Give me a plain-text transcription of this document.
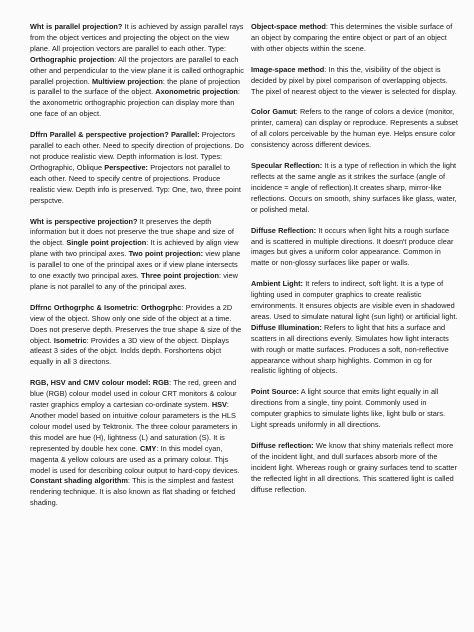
Wht is parallel projection? It is achieved by assign parallel rays from the object vertices and projecting the object on the view plane. All projection vectors are parallel to each other. Type: Orthographic projection: All the projectors are parallel to each other and perpendicular to the view plane it is called orthographic parallel projection. Multiview projection: the plane of projection is parallel to the surface of the object. Axonometric projection: the axonometric orthographic projection can display more than one face of an object.

Dffrn Parallel & perspective projection? Parallel: Projectors parallel to each other. Need to specify direction of projections. Do not produce realistic view. Depth information is lost. Types: Orthographic, Oblique Perspective: Projectors not parallel to each other. Need to specify centre of projections. Produce realistic view. Depth info is preserved. Typ: One, two, three point perspctve.

Wht is perspective projection? It preserves the depth information but it does not preserve the true shape and size of the object. Single point projection: It is achieved by align view plane with two principal axes. Two point projection: view plane is parallel to one of the principal axes or if view plane intersects to one exactly two principal axes. Three point projection: view plane is not parallel to any of the principal axes.

Dffrnc Orthogrphc & Isometric: Orthogrphc: Provides a 2D view of the object. Show only one side of the object at a time. Does not preserve depth. Preserves the true shape & size of the object. Isometric: Provides a 3D view of the object. Displays atleast 3 sides of the objct. Inclds depth. Forshortens objct equally in all 3 directons.

RGB, HSV and CMV colour model: RGB: The red, green and blue (RGB) colour model used in colour CRT monitors & colour raster graphics employ a cartesian co-ordinate system. HSV: Another model based on intuitive colour parameters is the HLS colour model used by Tektronix. The three colour parameters in this model are hue (H), lightness (L) and saturation (S). It is represented by double hex cone. CMY: In this model cyan, magenta & yellow colours are used as a primary colour. Thjs model is used for describing colour output to hard-copy devices. Constant shading algorithm: This is the simplest and fastest rendering technique. It is also known as flat shading or fetched shading.

Object-space method: This determines the visible surface of an object by comparing the entire object or part of an object with other objects within the scene.

Image-space method: In this the, visibility of the object is decided by pixel by pixel comparison of overlapping objects. The pixel of nearest object to the viewer is selected for display.

Color Gamut: Refers to the range of colors a device (monitor, printer, camera) can display or reproduce. Represents a subset of all colors perceivable by the human eye. Helps ensure color consistency across different devices.

Specular Reflection: It is a type of reflection in which the light reflects at the same angle as it strikes the surface (angle of incidence = angle of reflection).It creates sharp, mirror-like reflections. Occurs on smooth, shiny surfaces like glass, water, or polished metal.

Diffuse Reflection: It occurs when light hits a rough surface and is scattered in multiple directions. It doesn't produce clear images but gives a uniform color appearance. Common in matte or non-glossy surfaces like paper or walls.

Ambient Light: It refers to indirect, soft light. It is a type of lighting used in computer graphics to create realistic environments. It ensures objects are visible even in shadowed areas. Used to simulate natural light (sun light) or artificial light. Diffuse Illumination: Refers to light that hits a surface and scatters in all directions evenly. Simulates how light interacts with rough or matte surfaces. Produces a soft, non-reflective appearance without sharp highlights. Common in cg for realistic lighting of objects.

Point Source: A light source that emits light equally in all directions from a single, tiny point. Commonly used in computer graphics to simulate lights like, light bulb or stars. Light spreads uniformly in all directions.

Diffuse reflection: We know that shiny materials reflect more of the incident light, and dull surfaces absorb more of the incident light. Whereas rough or grainy surfaces tend to scatter the reflected light in all directions. This scattered light is called diffuse reflection.
